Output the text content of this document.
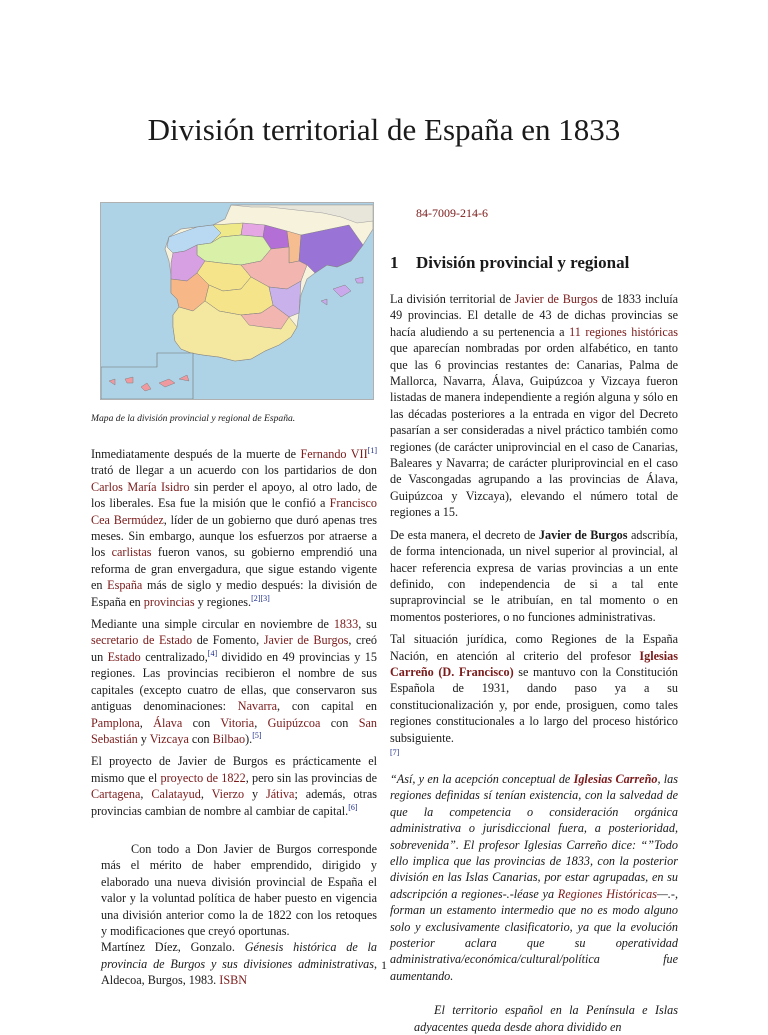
División territorial de España en 1833
Mapa de la división provincial y regional de España.

Inmediatamente después de la muerte de Fernando VII[1] trató de llegar a un acuerdo con los partidarios de don Carlos María Isidro sin perder el apoyo, al otro lado, de los liberales. Esa fue la misión que le confió a Francisco Cea Bermúdez, líder de un gobierno que duró apenas tres meses. Sin embargo, aunque los esfuerzos por atraerse a los carlistas fueron vanos, su gobierno emprendió una reforma de gran envergadura, que sigue estando vigente en España más de siglo y medio después: la división de España en provincias y regiones.[2][3]

Mediante una simple circular en noviembre de 1833, su secretario de Estado de Fomento, Javier de Burgos, creó un Estado centralizado,[4] dividido en 49 provincias y 15 regiones. Las provincias recibieron el nombre de sus capitales (excepto cuatro de ellas, que conservaron sus antiguas denominaciones: Navarra, con capital en Pamplona, Álava con Vitoria, Guipúzcoa con San Sebastián y Vizcaya con Bilbao).[5]

El proyecto de Javier de Burgos es prácticamente el mismo que el proyecto de 1822, pero sin las provincias de Cartagena, Calatayud, Vierzo y Játiva; además, otras provincias cambian de nombre al cambiar de capital.[6]

Con todo a Don Javier de Burgos corresponde más el mérito de haber emprendido, dirigido y elaborado una nueva división provincial de España el valor y la voluntad política de haber puesto en vigencia una división anterior como la de 1822 con los retoques y modificaciones que creyó oportunas.
Martínez Díez, Gonzalo. Génesis histórica de la provincia de Burgos y sus divisiones administrativas, Aldecoa, Burgos, 1983. ISBN
84-7009-214-6
1 División provincial y regional

La división territorial de Javier de Burgos de 1833 incluía 49 provincias. El detalle de 43 de dichas provincias se hacía aludiendo a su pertenencia a 11 regiones históricas que aparecían nombradas por orden alfabético, en tanto que las 6 provincias restantes de: Canarias, Palma de Mallorca, Navarra, Álava, Guipúzcoa y Vizcaya fueron listadas de manera independiente a región alguna y sólo en las décadas posteriores a la entrada en vigor del Decreto pasarían a ser consideradas a nivel práctico también como regiones (de carácter uniprovincial en el caso de Canarias, Baleares y Navarra; de carácter pluriprovincial en el caso de Vascongadas agrupando a las provincias de Álava, Guipúzcoa y Vizcaya), elevando el número total de regiones a 15.

De esta manera, el decreto de Javier de Burgos adscribía, de forma intencionada, un nivel superior al provincial, al hacer referencia expresa de varias provincias a un ente definido, con independencia de si a tal ente supraprovincial se le atribuían, en tal momento o en momentos posteriores, o no funciones administrativas.

Tal situación jurídica, como Regiones de la España Nación, en atención al criterio del profesor Iglesias Carreño (D. Francisco) se mantuvo con la Constitución Española de 1931, dando paso ya a su constitucionalización y, por ende, prosiguen, como tales regiones constitucionales a lo largo del proceso histórico subsiguiente.

[7]

“Así, y en la acepción conceptual de Iglesias Carreño, las regiones definidas sí tenían existencia, con la salvedad de que la competencia o consideración orgánica administrativa o jurisdiccional fuera, a posterioridad, sobrevenida”. El profesor Iglesias Carreño dice: “”Todo ello implica que las provincias de 1833, con la posterior división en las Islas Canarias, por estar agrupadas, en su adscripción a regiones-.-léase ya Regiones Históricas—.-, forman un estamento intermedio que no es modo alguno solo y exclusivamente clasificatorio, ya que la evolución posterior aclara que su operatividad administrativa/económica/cultural/política fue aumentando.

El territorio español en la Península e Islas adyacentes queda desde ahora dividido en
1
